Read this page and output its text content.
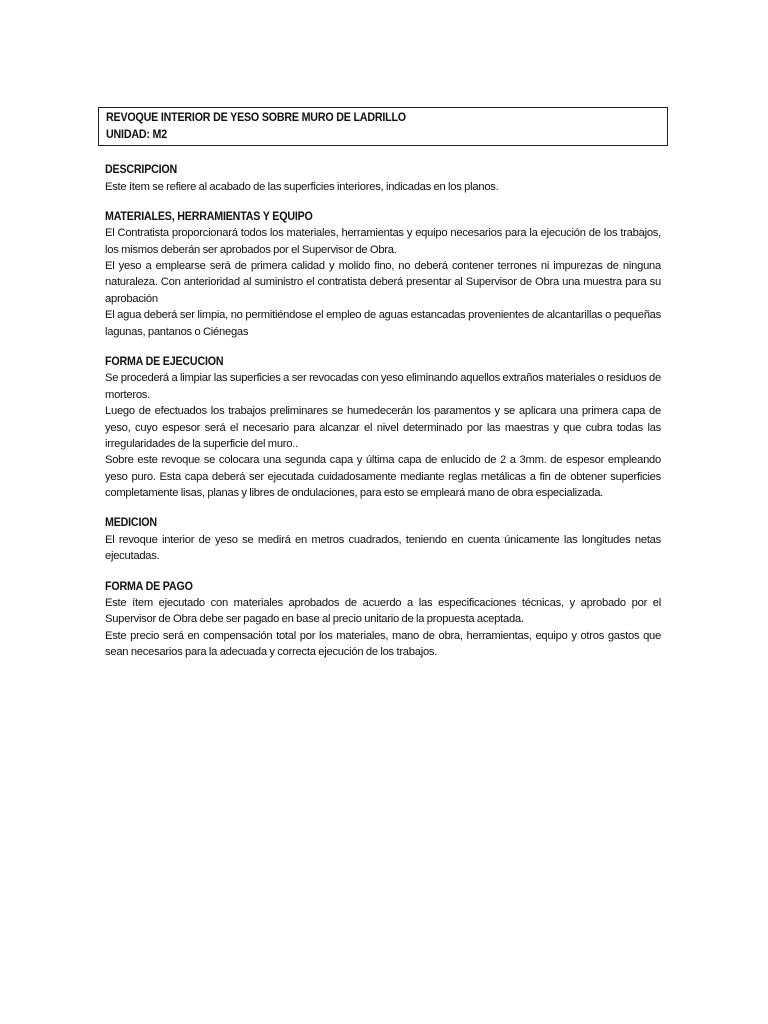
REVOQUE INTERIOR DE YESO SOBRE MURO DE LADRILLO
UNIDAD: M2
DESCRIPCION

Este ítem se refiere al acabado de las superficies interiores, indicadas en los planos.

MATERIALES, HERRAMIENTAS Y EQUIPO

El Contratista proporcionará todos los materiales, herramientas y equipo necesarios para la ejecución de los trabajos, los mismos deberán ser aprobados por el Supervisor de Obra.

El yeso a emplearse será de primera calidad y molido fino, no deberá contener terrones ni impurezas de ninguna naturaleza. Con anterioridad al suministro el contratista deberá presentar al Supervisor de Obra una muestra para su aprobación

El agua deberá ser limpia, no permitiéndose el empleo de aguas estancadas provenientes de alcantarillas o pequeñas lagunas, pantanos o Ciénegas

FORMA DE EJECUCION

Se procederá a limpiar las superficies a ser revocadas con yeso eliminando aquellos extraños materiales o residuos de morteros.

Luego de efectuados los trabajos preliminares se humedecerán los paramentos y se aplicara una primera capa de yeso, cuyo espesor será el necesario para alcanzar el nivel determinado por las maestras y que cubra todas las irregularidades de la superficie del muro..

Sobre este revoque se colocara una segunda capa y última capa de enlucido de 2 a 3mm. de espesor empleando yeso puro. Esta capa deberá ser ejecutada cuidadosamente mediante reglas metálicas a fin de obtener superficies completamente lisas, planas y libres de ondulaciones, para esto se empleará mano de obra especializada.

MEDICION

El revoque interior de yeso se medirá en metros cuadrados, teniendo en cuenta únicamente las longitudes netas ejecutadas.

FORMA DE PAGO

Este ítem ejecutado con materiales aprobados de acuerdo a las especificaciones técnicas, y aprobado por el Supervisor de Obra debe ser pagado en base al precio unitario de la propuesta aceptada.

Este precio será en compensación total por los materiales, mano de obra, herramientas, equipo y otros gastos que sean necesarios para la adecuada y correcta ejecución de los trabajos.
